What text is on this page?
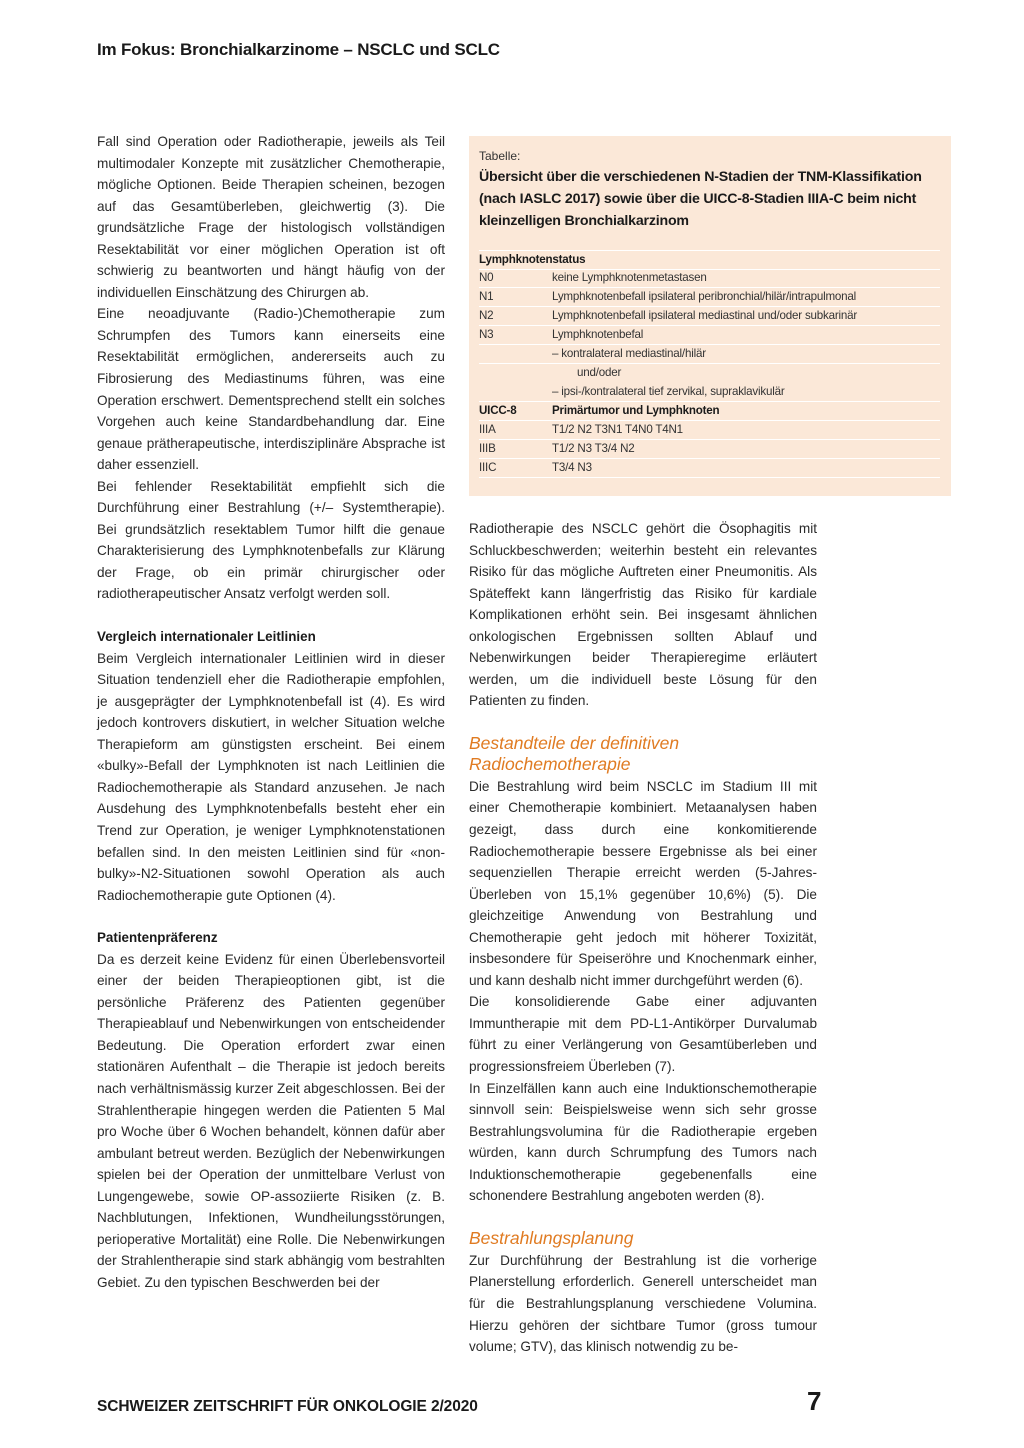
Im Fokus: Bronchialkarzinome – NSCLC und SCLC

Fall sind Operation oder Radiotherapie, jeweils als Teil multimodaler Konzepte mit zusätzlicher Chemotherapie, mögliche Optionen. Beide Therapien scheinen, bezogen auf das Gesamtüberleben, gleichwertig (3). Die grundsätzliche Frage der histologisch vollständigen Resektabilität vor einer möglichen Operation ist oft schwierig zu beantworten und hängt häufig von der individuellen Einschätzung des Chirurgen ab.

Eine neoadjuvante (Radio-)Chemotherapie zum Schrumpfen des Tumors kann einerseits eine Resektabilität ermöglichen, andererseits auch zu Fibrosierung des Mediastinums führen, was eine Operation erschwert. Dementsprechend stellt ein solches Vorgehen auch keine Standardbehandlung dar. Eine genaue prätherapeutische, interdisziplinäre Absprache ist daher essenziell.

Bei fehlender Resektabilität empfiehlt sich die Durchführung einer Bestrahlung (+/– Systemtherapie). Bei grundsätzlich resektablem Tumor hilft die genaue Charakterisierung des Lymphknotenbefalls zur Klärung der Frage, ob ein primär chirurgischer oder radiotherapeutischer Ansatz verfolgt werden soll.

Vergleich internationaler Leitlinien

Beim Vergleich internationaler Leitlinien wird in dieser Situation tendenziell eher die Radiotherapie empfohlen, je ausgeprägter der Lymphknotenbefall ist (4). Es wird jedoch kontrovers diskutiert, in welcher Situation welche Therapieform am günstigsten erscheint. Bei einem «bulky»-Befall der Lymphknoten ist nach Leitlinien die Radiochemotherapie als Standard anzusehen. Je nach Ausdehung des Lymphknotenbefalls besteht eher ein Trend zur Operation, je weniger Lymphknotenstationen befallen sind. In den meisten Leitlinien sind für «non-bulky»-N2-Situationen sowohl Operation als auch Radiochemotherapie gute Optionen (4).

Patientenpräferenz

Da es derzeit keine Evidenz für einen Überlebensvorteil einer der beiden Therapieoptionen gibt, ist die persönliche Präferenz des Patienten gegenüber Therapieablauf und Nebenwirkungen von entscheidender Bedeutung. Die Operation erfordert zwar einen stationären Aufenthalt – die Therapie ist jedoch bereits nach verhältnismässig kurzer Zeit abgeschlossen. Bei der Strahlentherapie hingegen werden die Patienten 5 Mal pro Woche über 6 Wochen behandelt, können dafür aber ambulant betreut werden. Bezüglich der Nebenwirkungen spielen bei der Operation der unmittelbare Verlust von Lungengewebe, sowie OP-assoziierte Risiken (z. B. Nachblutungen, Infektionen, Wundheilungsstörungen, perioperative Mortalität) eine Rolle. Die Nebenwirkungen der Strahlentherapie sind stark abhängig vom bestrahlten Gebiet. Zu den typischen Beschwerden bei der

Tabelle:
Übersicht über die verschiedenen N-Stadien der TNM-Klassifikation (nach IASLC 2017) sowie über die UICC-8-Stadien IIIA-C beim nicht kleinzelligen Bronchialkarzinom
Lymphknotenstatus
N0	keine Lymphknotenmetastasen
N1	Lymphknotenbefall ipsilateral peribronchial/hilär/intrapulmonal
N2	Lymphknotenbefall ipsilateral mediastinal und/oder subkarinär
N3	Lymphknotenbefal
– kontralateral mediastinal/hilär
und/oder
– ipsi-/kontralateral tief zervikal, supraklavikulär
UICC-8	Primärtumor und Lymphknoten
IIIA	T1/2 N2 T3N1 T4N0 T4N1
IIIB	T1/2 N3 T3/4 N2
IIIC	T3/4 N3

Radiotherapie des NSCLC gehört die Ösophagitis mit Schluckbeschwerden; weiterhin besteht ein relevantes Risiko für das mögliche Auftreten einer Pneumonitis. Als Spätеffekt kann längerfristig das Risiko für kardiale Komplikationen erhöht sein. Bei insgesamt ähnlichen onkologischen Ergebnissen sollten Ablauf und Nebenwirkungen beider Therapieregime erläutert werden, um die individuell beste Lösung für den Patienten zu finden.

Bestandteile der definitiven Radiochemotherapie

Die Bestrahlung wird beim NSCLC im Stadium III mit einer Chemotherapie kombiniert. Metaanalysen haben gezeigt, dass durch eine konkomitierende Radiochemotherapie bessere Ergebnisse als bei einer sequenziellen Therapie erreicht werden (5-Jahres-Überleben von 15,1% gegenüber 10,6%) (5). Die gleichzeitige Anwendung von Bestrahlung und Chemotherapie geht jedoch mit höherer Toxizität, insbesondere für Speiseröhre und Knochenmark einher, und kann deshalb nicht immer durchgeführt werden (6).

Die konsolidierende Gabe einer adjuvanten Immuntherapie mit dem PD-L1-Antikörper Durvalumab führt zu einer Verlängerung von Gesamtüberleben und progressionsfreiem Überleben (7).

In Einzelfällen kann auch eine Induktionschemotherapie sinnvoll sein: Beispielsweise wenn sich sehr grosse Bestrahlungsvolumina für die Radiotherapie ergeben würden, kann durch Schrumpfung des Tumors nach Induktionschemotherapie gegebenenfalls eine schonendere Bestrahlung angeboten werden (8).

Bestrahlungsplanung

Zur Durchführung der Bestrahlung ist die vorherige Planerstellung erforderlich. Generell unterscheidet man für die Bestrahlungsplanung verschiedene Volumina. Hierzu gehören der sichtbare Tumor (gross tumour volume; GTV), das klinisch notwendig zu be-

SCHWEIZER ZEITSCHRIFT FÜR ONKOLOGIE 2/2020	7
